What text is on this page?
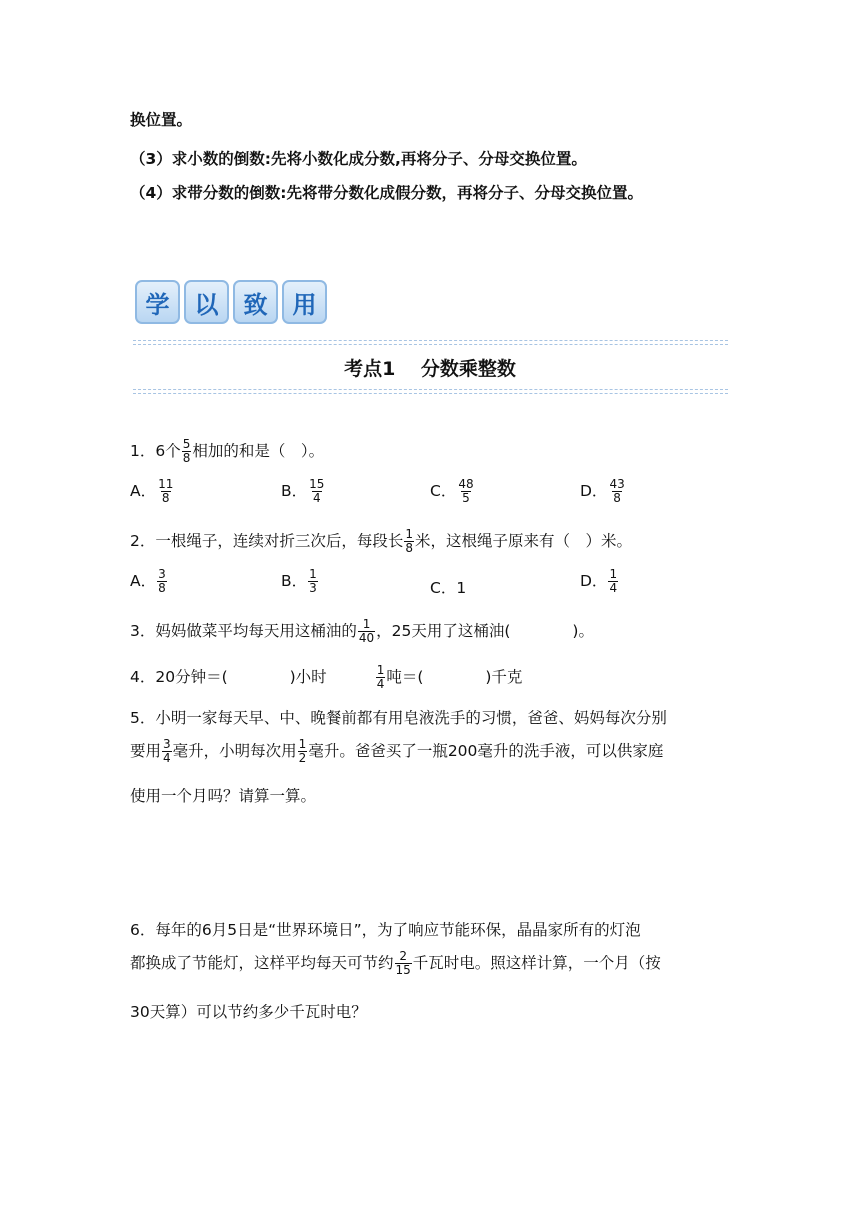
换位置。
（3）求小数的倒数:先将小数化成分数,再将分子、分母交换位置。
（4）求带分数的倒数:先将带分数化成假分数，再将分子、分母交换位置。
学	以	致	用
考点1　 分数乘整数
1．6个 $\frac{5}{8}$ 相加的和是（　）。
A． $\frac{11}{8}$	B． $\frac{15}{4}$	C． $\frac{48}{5}$	D． $\frac{43}{8}$
2．一根绳子，连续对折三次后，每段长 $\frac{1}{8}$ 米，这根绳子原来有（　）米。
A． $\frac{3}{8}$	B． $\frac{1}{3}$	C．1	D． $\frac{1}{4}$
3．妈妈做菜平均每天用这桶油的 $\frac{1}{40}$ ，25天用了这桶油(　　　　)。
4．20分钟＝(　　　　)小时	$\frac{1}{4}$ 吨＝(　　　　)千克
5．小明一家每天早、中、晚餐前都有用皂液洗手的习惯，爸爸、妈妈每次分别
要用 $\frac{3}{4}$ 毫升，小明每次用 $\frac{1}{2}$ 毫升。爸爸买了一瓶200毫升的洗手液，可以供家庭
使用一个月吗？请算一算。
6．每年的6月5日是“世界环境日”，为了响应节能环保，晶晶家所有的灯泡
都换成了节能灯，这样平均每天可节约 $\frac{2}{15}$ 千瓦时电。照这样计算，一个月（按
30天算）可以节约多少千瓦时电？
